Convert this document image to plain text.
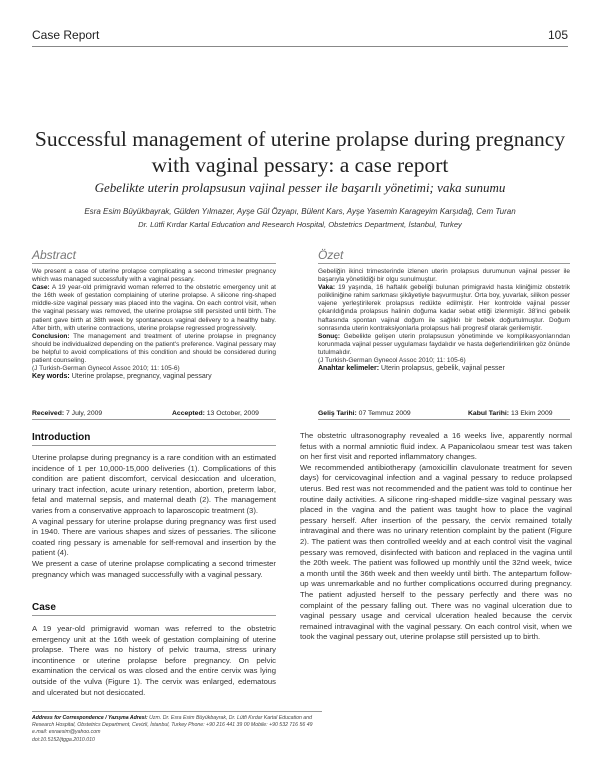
Case Report	105
Successful management of uterine prolapse during pregnancy with vaginal pessary: a case report
Gebelikte uterin prolapsusun vajinal pesser ile başarılı yönetimi; vaka sunumu
Esra Esim Büyükbayrak, Gülden Yılmazer, Ayşe Gül Özyapı, Bülent Kars, Ayşe Yasemin Karageyim Karşıdağ, Cem Turan
Dr. Lütfi Kırdar Kartal Education and Research Hospital, Obstetrics Department, İstanbul, Turkey
Abstract

We present a case of uterine prolapse complicating a second trimester pregnancy which was managed successfully with a vaginal pessary.

Case: A 19 year-old primigravid woman referred to the obstetric emergency unit at the 16th week of gestation complaining of uterine prolapse. A silicone ring-shaped middle-size vaginal pessary was placed into the vagina. On each control visit, when the vaginal pessary was removed, the uterine prolapse still persisted until birth. The patient gave birth at 38th week by spontaneous vaginal delivery to a healthy baby. After birth, with uterine contractions, uterine prolapse regressed progressively.

Conclusion: The management and treatment of uterine prolapse in pregnancy should be individualized depending on the patient's preference. Vaginal pessary may be helpful to avoid complications of this condition and should be considered during patient counseling.

(J Turkish-German Gynecol Assoc 2010; 11: 105-6)

Key words: Uterine prolapse, pregnancy, vaginal pessary

Received: 7 July, 2009	Accepted: 13 October, 2009
Özet

Gebeliğin ikinci trimesterinde izlenen uterin prolapsus durumunun vajinal pesser ile başarıyla yönetildiği bir olgu sunulmuştur.

Vaka: 19 yaşında, 16 haftalık gebeliği bulunan primigravid hasta kliniğimiz obstetrik polikliniğine rahim sarkması şikâyetiyle başvurmuştur. Orta boy, yuvarlak, silikon pesser vajene yerleştirilerek prolapsus redükte edilmiştir. Her kontrolde vajinal pesser çıkarıldığında prolapsus halinin doğuma kadar sebat ettiği izlenmiştir. 38'inci gebelik haftasında spontan vajinal doğum ile sağlıklı bir bebek doğurtulmuştur. Doğum sonrasında uterin kontraksiyonlarla prolapsus hali progresif olarak gerilemiştir.

Sonuç: Gebelikte gelişen uterin prolapsusun yönetiminde ve komplikasyonlarından korunmada vajinal pesser uygulaması faydalıdır ve hasta değerlendirilirken göz önünde tutulmalıdır.

(J Turkish-German Gynecol Assoc 2010; 11: 105-6)

Anahtar kelimeler: Uterin prolapsus, gebelik, vajinal pesser

Geliş Tarihi: 07 Temmuz 2009	Kabul Tarihi: 13 Ekim 2009
Introduction

Uterine prolapse during pregnancy is a rare condition with an estimated incidence of 1 per 10,000-15,000 deliveries (1). Complications of this condition are patient discomfort, cervical desiccation and ulceration, urinary tract infection, acute urinary retention, abortion, preterm labor, fetal and maternal sepsis, and maternal death (2). The management varies from a conservative approach to laparoscopic treatment (3).

A vaginal pessary for uterine prolapse during pregnancy was first used in 1940. There are various shapes and sizes of pessaries. The silicone coated ring pessary is amenable for self-removal and insertion by the patient (4).

We present a case of uterine prolapse complicating a second trimester pregnancy which was managed successfully with a vaginal pessary.

Case

A 19 year-old primigravid woman was referred to the obstetric emergency unit at the 16th week of gestation complaining of uterine prolapse. There was no history of pelvic trauma, stress urinary incontinence or uterine prolapse before pregnancy. On pelvic examination the cervical os was closed and the entire cervix was lying outside of the vulva (Figure 1). The cervix was enlarged, edematous and ulcerated but not desiccated.

The obstetric ultrasonography revealed a 16 weeks live, apparently normal fetus with a normal amniotic fluid index. A Papanicolaou smear test was taken on her first visit and reported inflammatory changes.

We recommended antibiotherapy (amoxicillin clavulonate treatment for seven days) for cervicovaginal infection and a vaginal pessary to reduce prolapsed uterus. Bed rest was not recommended and the patient was told to continue her routine daily activities. A silicone ring-shaped middle-size vaginal pessary was placed in the vagina and the patient was taught how to place the vaginal pessary herself. After insertion of the pessary, the cervix remained totally intravaginal and there was no urinary retention complaint by the patient (Figure 2). The patient was then controlled weekly and at each control visit the vaginal pessary was removed, disinfected with baticon and replaced in the vagina until the 20th week. The patient was followed up monthly until the 32nd week, twice a month until the 36th week and then weekly until birth. The antepartum follow-up was unremarkable and no further complications occurred during pregnancy. The patient adjusted herself to the pessary perfectly and there was no complaint of the pessary falling out. There was no vaginal ulceration due to vaginal pessary usage and cervical ulceration healed because the cervix remained intravaginal with the vaginal pessary. On each control visit, when we took the vaginal pessary out, uterine prolapse still persisted up to birth.

Address for Correspondence / Yazışma Adresi: Uzm. Dr. Esra Esim Büyükbayrak, Dr. Lütfi Kırdar Kartal Education and Research Hospital, Obstetrics Department, Cevizli, İstanbul, Turkey Phone: +90 216 441 39 00 Mobile: +90 532 716 56 49 e.mail: esraesim@yahoo.com
doi:10.5152/jtgga.2010.010
